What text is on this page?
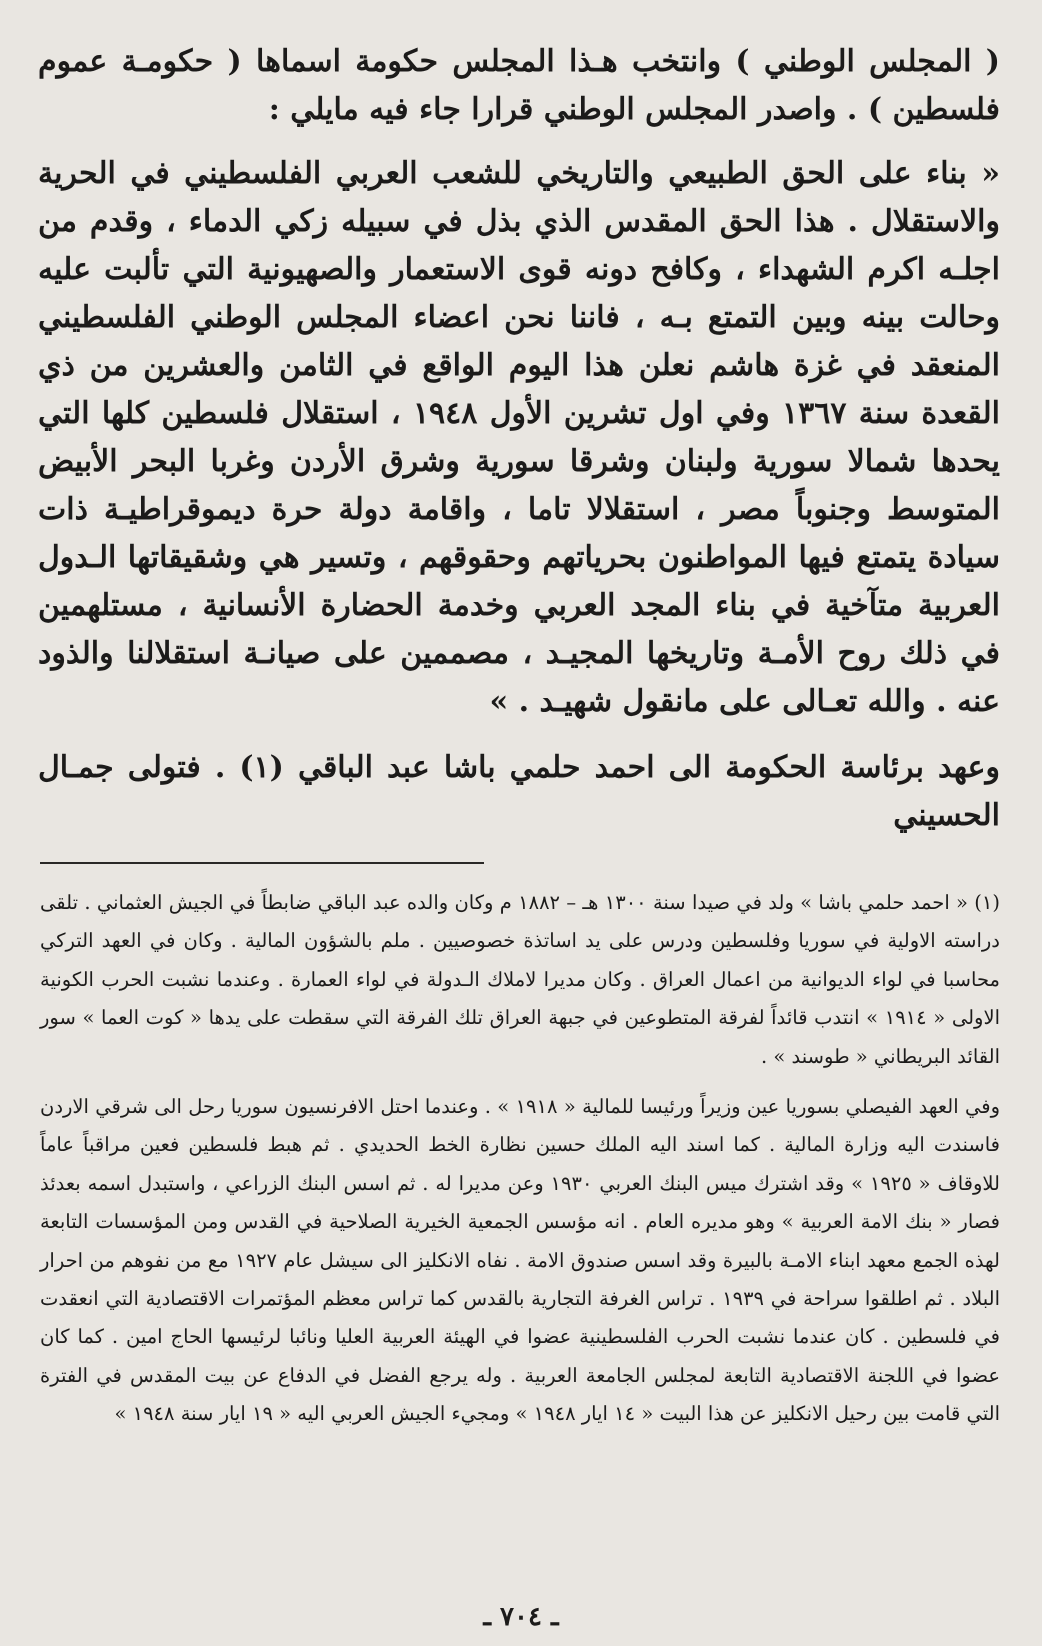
( المجلس الوطني ) وانتخب هـذا المجلس حكومة اسماها ( حكومـة عموم فلسطين ) . واصدر المجلس الوطني قرارا جاء فيه مايلي :

« بناء على الحق الطبيعي والتاريخي للشعب العربي الفلسطيني في الحرية والاستقلال . هذا الحق المقدس الذي بذل في سبيله زكي الدماء ، وقدم من اجلـه اكرم الشهداء ، وكافح دونه قوى الاستعمار والصهيونية التي تألبت عليه وحالت بينه وبين التمتع بـه ، فاننا نحن اعضاء المجلس الوطني الفلسطيني المنعقد في غزة هاشم نعلن هذا اليوم الواقع في الثامن والعشرين من ذي القعدة سنة ١٣٦٧ وفي اول تشرين الأول ١٩٤٨ ، استقلال فلسطين كلها التي يحدها شمالا سورية ولبنان وشرقا سورية وشرق الأردن وغربا البحر الأبيض المتوسط وجنوباً مصر ، استقلالا تاما ، واقامة دولة حرة ديموقراطيـة ذات سيادة يتمتع فيها المواطنون بحرياتهم وحقوقهم ، وتسير هي وشقيقاتها الـدول العربية متآخية في بناء المجد العربي وخدمة الحضارة الأنسانية ، مستلهمين في ذلك روح الأمـة وتاريخها المجيـد ، مصممين على صيانـة استقلالنا والذود عنه . والله تعـالى على مانقول شهيـد . »

وعهد برئاسة الحكومة الى احمد حلمي باشا عبد الباقي (١) . فتولى جمـال الحسيني

(١) « احمد حلمي باشا » ولد في صيدا سنة ١٣٠٠ هـ – ١٨٨٢ م وكان والده عبد الباقي ضابطاً في الجيش العثماني . تلقى دراسته الاولية في سوريا وفلسطين ودرس على يد اساتذة خصوصيين . ملم بالشؤون المالية . وكان في العهد التركي محاسبا في لواء الديوانية من اعمال العراق . وكان مديرا لاملاك الـدولة في لواء العمارة . وعندما نشبت الحرب الكونية الاولى « ١٩١٤ » انتدب قائداً لفرقة المتطوعين في جبهة العراق تلك الفرقة التي سقطت على يدها « كوت العما » سور القائد البريطاني « طوسند » .

وفي العهد الفيصلي بسوريا عين وزيراً ورئيسا للمالية « ١٩١٨ » . وعندما احتل الافرنسيون سوريا رحل الى شرقي الاردن فاسندت اليه وزارة المالية . كما اسند اليه الملك حسين نظارة الخط الحديدي . ثم هبط فلسطين فعين مراقباً عاماً للاوقاف « ١٩٢٥ » وقد اشترك ميس البنك العربي ١٩٣٠ وعن مديرا له . ثم اسس البنك الزراعي ، واستبدل اسمه بعدئذ فصار « بنك الامة العربية » وهو مديره العام . انه مؤسس الجمعية الخيرية الصلاحية في القدس ومن المؤسسات التابعة لهذه الجمع معهد ابناء الامـة بالبيرة وقد اسس صندوق الامة . نفاه الانكليز الى سيشل عام ١٩٢٧ مع من نفوهم من احرار البلاد . ثم اطلقوا سراحة في ١٩٣٩ . تراس الغرفة التجارية بالقدس كما تراس معظم المؤتمرات الاقتصادية التي انعقدت في فلسطين . كان عندما نشبت الحرب الفلسطينية عضوا في الهيئة العربية العليا ونائبا لرئيسها الحاج امين . كما كان عضوا في اللجنة الاقتصادية التابعة لمجلس الجامعة العربية . وله يرجع الفضل في الدفاع عن بيت المقدس في الفترة التي قامت بين رحيل الانكليز عن هذا البيت « ١٤ ايار ١٩٤٨ » ومجيء الجيش العربي اليه « ١٩ ايار سنة ١٩٤٨ »

ـ ٧٠٤ ـ
